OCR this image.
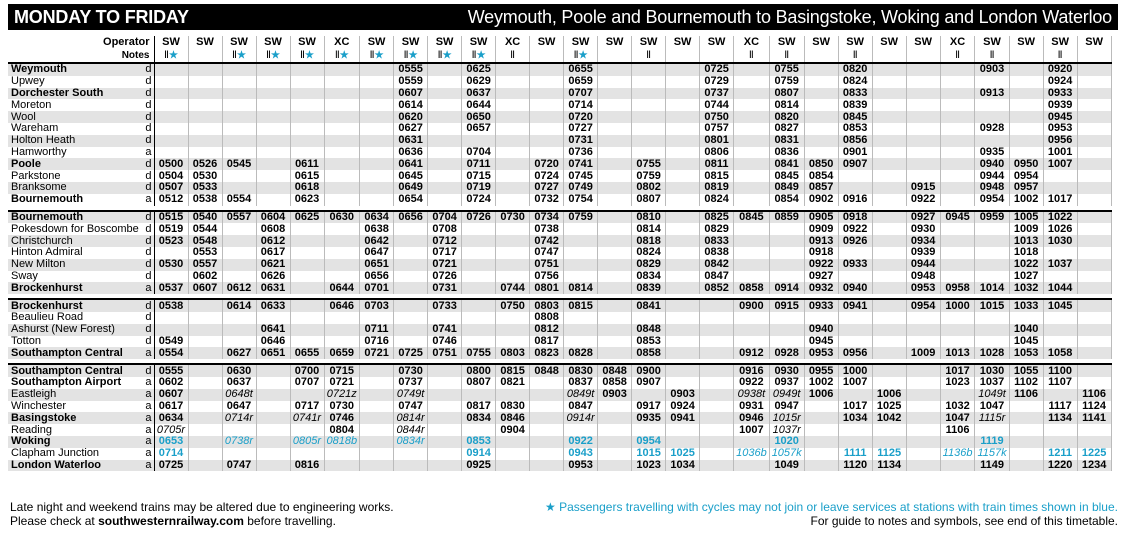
MONDAY TO FRIDAY	Weymouth, Poole and Bournemouth to Basingstoke, Woking and London Waterloo
Operator		SW	SW	SW	SW	SW	XC	SW	SW	SW	SW	XC	SW	SW	SW	SW	SW	SW	XC	SW	SW	SW	SW	SW	XC	SW	SW	SW	SW
Notes		Ⅱ★		Ⅱ★	Ⅱ★	Ⅱ★	Ⅱ★	Ⅱ★	Ⅱ★	Ⅱ★	Ⅱ★	Ⅱ		Ⅱ★		Ⅱ			Ⅱ	Ⅱ		Ⅱ			Ⅱ	Ⅱ		Ⅱ	
Weymouth	d								0555		0625			0655				0725		0755		0820				0903		0920	
Upwey	d								0559		0629			0659				0729		0759		0824						0924	
Dorchester South	d								0607		0637			0707				0737		0807		0833				0913		0933	
Moreton	d								0614		0644			0714				0744		0814		0839						0939	
Wool	d								0620		0650			0720				0750		0820		0845						0945	
Wareham	d								0627		0657			0727				0757		0827		0853				0928		0953	
Holton Heath	d								0631					0731				0801		0831		0856						0956	
Hamworthy	a								0636		0704			0736				0806		0836		0901				0935		1001	
Poole	d	0500	0526	0545		0611			0641		0711		0720	0741		0755		0811		0841	0850	0907				0940	0950	1007	
Parkstone	d	0504	0530			0615			0645		0715		0724	0745		0759		0815		0845	0854					0944	0954		
Branksome	d	0507	0533			0618			0649		0719		0727	0749		0802		0819		0849	0857			0915		0948	0957		
Bournemouth	a	0512	0538	0554		0623			0654		0724		0732	0754		0807		0824		0854	0902	0916		0922		0954	1002	1017	

Bournemouth	d	0515	0540	0557	0604	0625	0630	0634	0656	0704	0726	0730	0734	0759		0810		0825	0845	0859	0905	0918		0927	0945	0959	1005	1022	
Pokesdown for Boscombe	d	0519	0544		0608			0638		0708			0738			0814		0829			0909	0922		0930			1009	1026	
Christchurch	d	0523	0548		0612			0642		0712			0742			0818		0833			0913	0926		0934			1013	1030	
Hinton Admiral	d		0553		0617			0647		0717			0747			0824		0838			0918			0939			1018		
New Milton	d	0530	0557		0621			0651		0721			0751			0829		0842			0922	0933		0944			1022	1037	
Sway	d		0602		0626			0656		0726			0756			0834		0847			0927			0948			1027		
Brockenhurst	a	0537	0607	0612	0631		0644	0701		0731		0744	0801	0814		0839		0852	0858	0914	0932	0940		0953	0958	1014	1032	1044	

Brockenhurst	d	0538		0614	0633		0646	0703		0733		0750	0803	0815		0841			0900	0915	0933	0941		0954	1000	1015	1033	1045	
Beaulieu Road	d												0808																
Ashurst (New Forest)	d				0641			0711		0741			0812			0848					0940						1040		
Totton	d	0549			0646			0716		0746			0817			0853					0945						1045		
Southampton Central	a	0554		0627	0651	0655	0659	0721	0725	0751	0755	0803	0823	0828		0858			0912	0928	0953	0956		1009	1013	1028	1053	1058	

Southampton Central	d	0555		0630		0700	0715		0730		0800	0815	0848	0830	0848	0900			0916	0930	0955	1000			1017	1030	1055	1100	
Southampton Airport	a	0602		0637		0707	0721		0737		0807	0821		0837	0858	0907			0922	0937	1002	1007			1023	1037	1102	1107	
Eastleigh	a	0607		0648t			0721z		0749t					0849t	0903		0903		0938t	0949t	1006		1006			1049t	1106		1106
Winchester	a	0617		0647		0717	0730		0747		0817	0830		0847		0917	0924		0931	0947		1017	1025		1032	1047		1117	1124
Basingstoke	a	0634		0714r		0741r	0746		0814r		0834	0846		0914r		0935	0941		0946	1015r		1034	1042		1047	1115r		1134	1141
Reading	a	0705r					0804		0844r			0904							1007	1037r					1106				
Woking	a	0653		0738r		0805r	0818b		0834r		0853			0922		0954				1020						1119			
Clapham Junction	a	0714									0914			0943		1015	1025		1036b	1057k		1111	1125		1136b	1157k		1211	1225
London Waterloo	a	0725		0747		0816					0925			0953		1023	1034			1049		1120	1134			1149		1220	1234
Late night and weekend trains may be altered due to engineering works.
Please check at southwesternrailway.com before travelling.
★ Passengers travelling with cycles may not join or leave services at stations with train times shown in blue.
For guide to notes and symbols, see end of this timetable.
